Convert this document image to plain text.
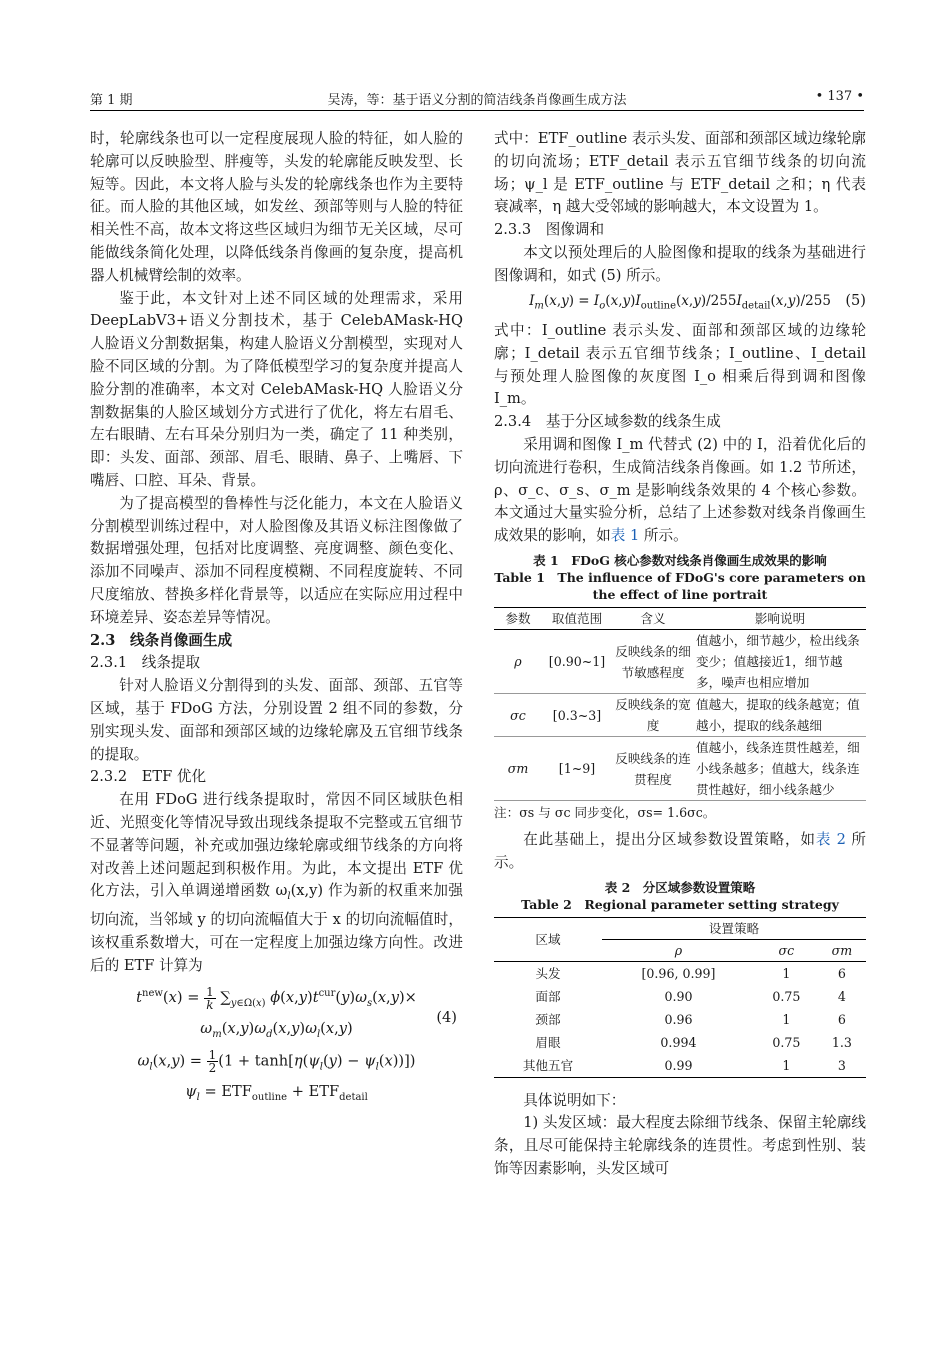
第 1 期	吴涛，等：基于语义分割的简洁线条肖像画生成方法	• 137 •

时，轮廓线条也可以一定程度展现人脸的特征，如人脸的轮廓可以反映脸型、胖瘦等，头发的轮廓能反映发型、长短等。因此，本文将人脸与头发的轮廓线条也作为主要特征。而人脸的其他区域，如发丝、颈部等则与人脸的特征相关性不高，故本文将这些区域归为细节无关区域，尽可能做线条简化处理，以降低线条肖像画的复杂度，提高机器人机械臂绘制的效率。

鉴于此，本文针对上述不同区域的处理需求，采用 DeepLabV3+语义分割技术，基于 CelebAMask-HQ 人脸语义分割数据集，构建人脸语义分割模型，实现对人脸不同区域的分割。为了降低模型学习的复杂度并提高人脸分割的准确率，本文对 CelebAMask-HQ 人脸语义分割数据集的人脸区域划分方式进行了优化，将左右眉毛、左右眼睛、左右耳朵分别归为一类，确定了 11 种类别，即：头发、面部、颈部、眉毛、眼睛、鼻子、上嘴唇、下嘴唇、口腔、耳朵、背景。

为了提高模型的鲁棒性与泛化能力，本文在人脸语义分割模型训练过程中，对人脸图像及其语义标注图像做了数据增强处理，包括对比度调整、亮度调整、颜色变化、添加不同噪声、添加不同程度模糊、不同程度旋转、不同尺度缩放、替换多样化背景等，以适应在实际应用过程中环境差异、姿态差异等情况。

2.3　线条肖像画生成

2.3.1　线条提取

针对人脸语义分割得到的头发、面部、颈部、五官等区域，基于 FDoG 方法，分别设置 2 组不同的参数，分别实现头发、面部和颈部区域的边缘轮廓及五官细节线条的提取。

2.3.2　ETF 优化

在用 FDoG 进行线条提取时，常因不同区域肤色相近、光照变化等情况导致出现线条提取不完整或五官细节不显著等问题，补充或加强边缘轮廓或细节线条的方向将对改善上述问题起到积极作用。为此，本文提出 ETF 优化方法，引入单调递增函数 $\omega_l(x,y)$ 作为新的权重来加强切向流，当邻域 y 的切向流幅值大于 x 的切向流幅值时，该权重系数增大，可在一定程度上加强边缘方向性。改进后的 ETF 计算为

$t^{new}(x) = \frac{1}{k} \sum_{y\in\Omega(x)}$ $\phi(x,y)t^{cur}(y)\omega_s(x,y)\times$
$\omega_m(x,y)\omega_d(x,y)\omega_l(x,y)$
$\omega_l(x,y) = \frac{1}{2} (1 + \tanh[\eta(\psi_l(y) - \psi_l(x))])$
$\psi_l = ETF_{outline} + ETF_{detail}$
(4)

式中：ETF_outline 表示头发、面部和颈部区域边缘轮廓的切向流场；ETF_detail 表示五官细节线条的切向流场；ψ_l 是 ETF_outline 与 ETF_detail 之和；η 代表衰减率，η 越大受邻域的影响越大，本文设置为 1。

2.3.3　图像调和

本文以预处理后的人脸图像和提取的线条为基础进行图像调和，如式 (5) 所示。

$I_m(x,y) = I_o(x,y)I_{outline}(x,y)/255I_{detail}(x,y)/255$ (5)

式中：I_outline 表示头发、面部和颈部区域的边缘轮廓；I_detail 表示五官细节线条；I_outline、I_detail 与预处理人脸图像的灰度图 I_o 相乘后得到调和图像 I_m。

2.3.4　基于分区域参数的线条生成

采用调和图像 I_m 代替式 (2) 中的 I，沿着优化后的切向流进行卷积，生成简洁线条肖像画。如 1.2 节所述，ρ、σ_c、σ_s、σ_m 是影响线条效果的 4 个核心参数。本文通过大量实验分析，总结了上述参数对线条肖像画生成效果的影响，如表 1 所示。

表 1　FDoG 核心参数对线条肖像画生成效果的影响
Table 1　The influence of FDoG's core parameters on the effect of line portrait
参数	取值范围	含义	影响说明
ρ	[0.90~1]	反映线条的细节敏感程度	值越小，细节越少，检出线条变少；值越接近1，细节越多，噪声也相应增加
σc	[0.3~3]	反映线条的宽度	值越大，提取的线条越宽；值越小，提取的线条越细
σm	[1~9]	反映线条的连贯程度	值越小，线条连贯性越差，细小线条越多；值越大，线条连贯性越好，细小线条越少

注：σs 与 σc 同步变化，σs= 1.6σc。

在此基础上，提出分区域参数设置策略，如表 2 所示。

表 2　分区域参数设置策略
Table 2　Regional parameter setting strategy
区域	设置策略		
	ρ	σc	σm
头发	[0.96, 0.99]	1	6
面部	0.90	0.75	4
颈部	0.96	1	6
眉眼	0.994	0.75	1.3
其他五官	0.99	1	3

具体说明如下：

1) 头发区域：最大程度去除细节线条、保留主轮廓线条，且尽可能保持主轮廓线条的连贯性。考虑到性别、装饰等因素影响，头发区域可
